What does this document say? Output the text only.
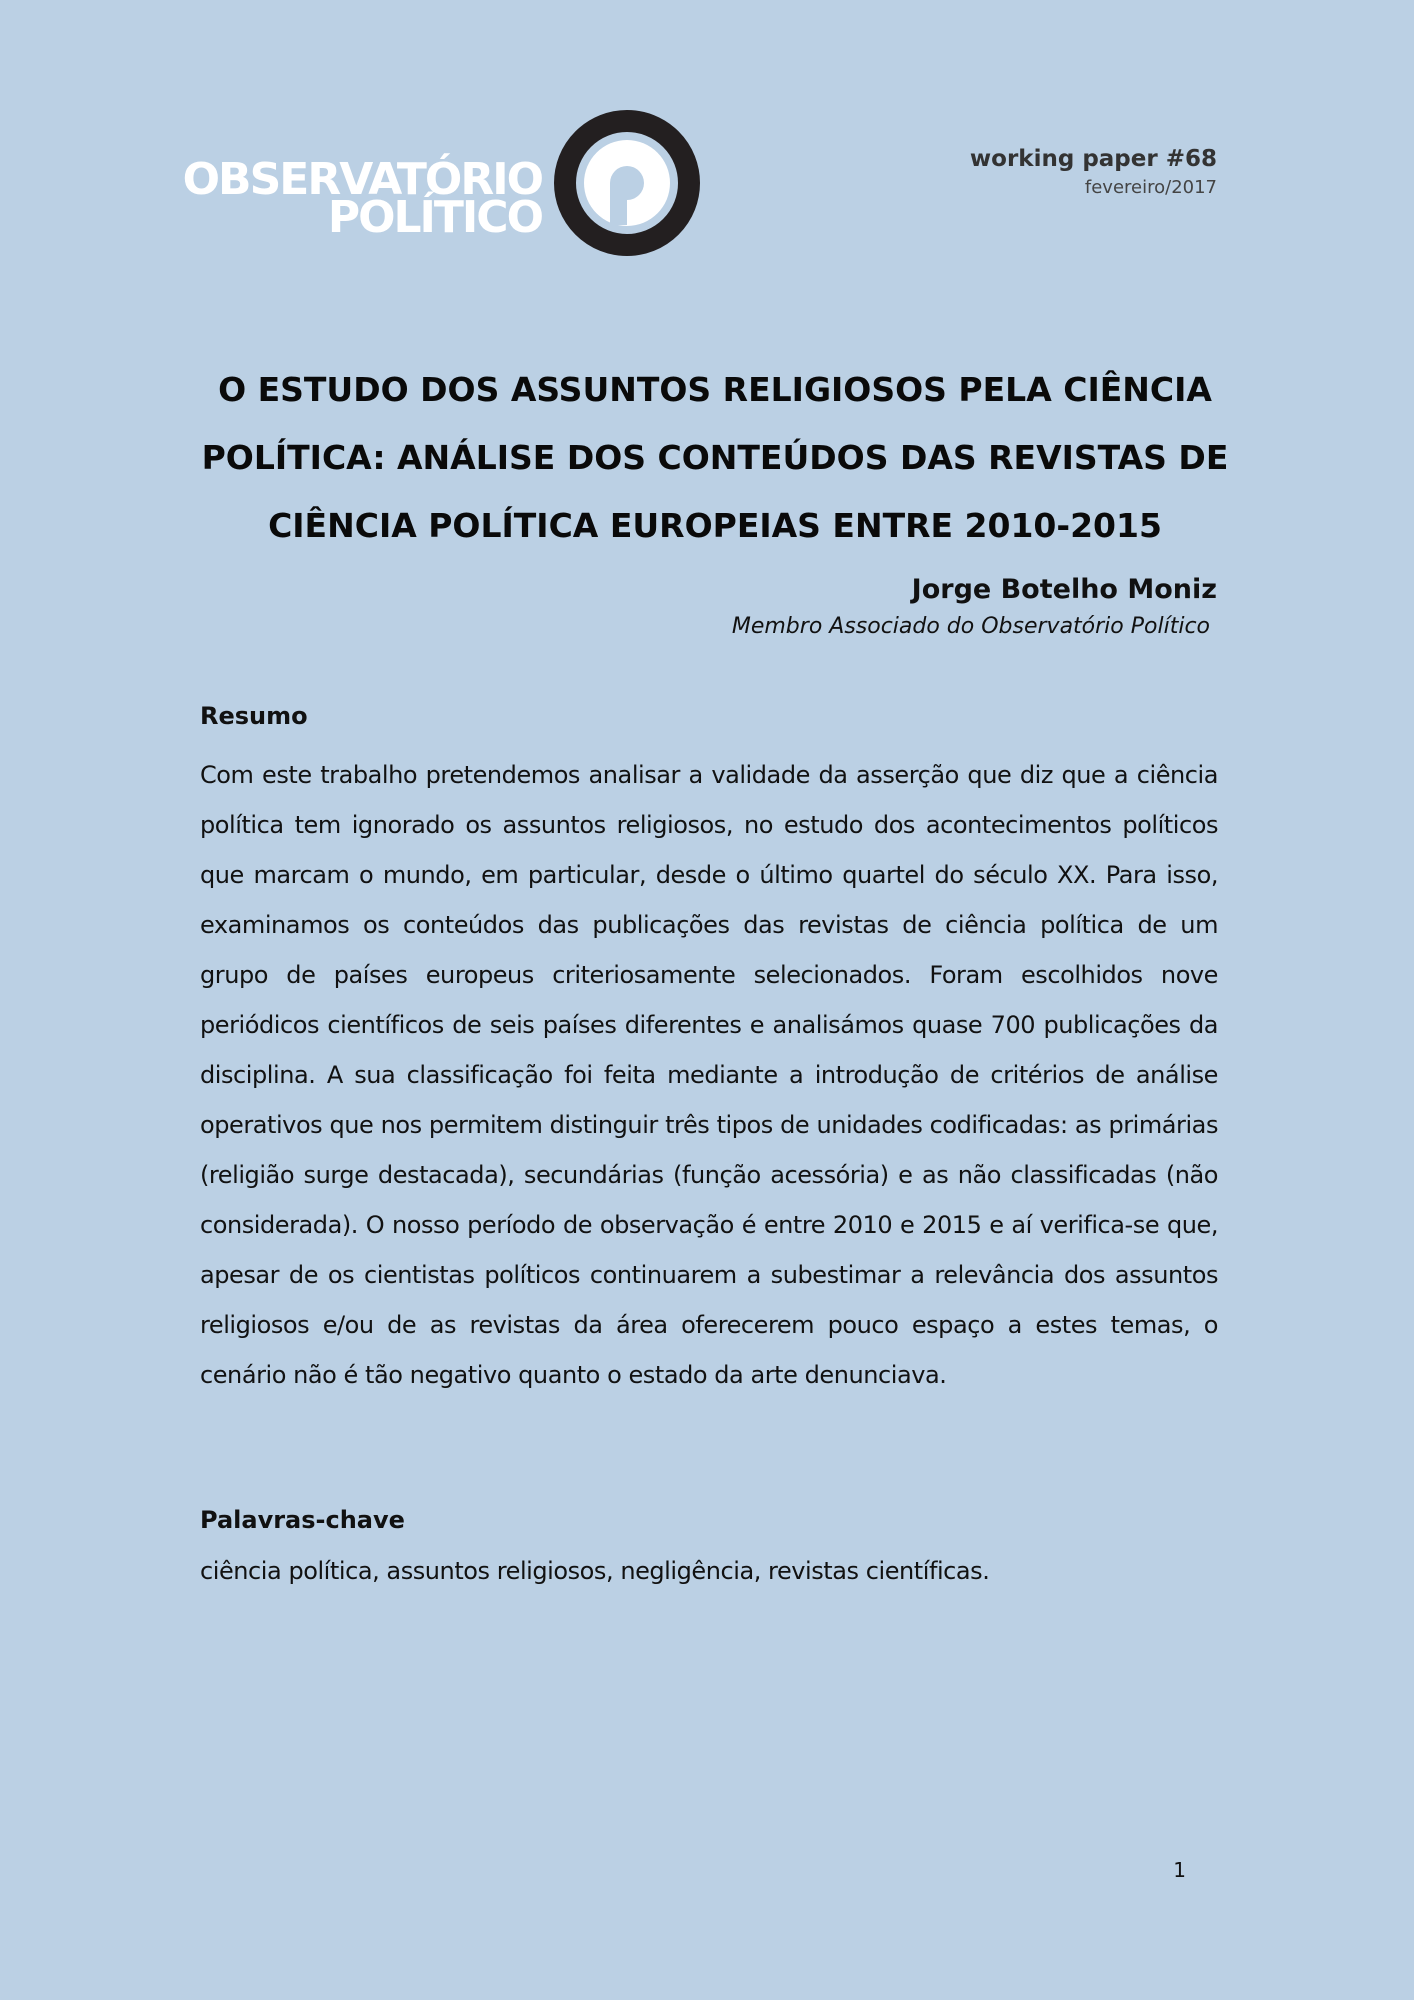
OBSERVATÓRIO
POLÍTICO
working paper #68
fevereiro/2017
O ESTUDO DOS ASSUNTOS RELIGIOSOS PELA CIÊNCIA
POLÍTICA: ANÁLISE DOS CONTEÚDOS DAS REVISTAS DE
CIÊNCIA POLÍTICA EUROPEIAS ENTRE 2010-2015
Jorge Botelho Moniz
Membro Associado do Observatório Político
Resumo

Com este trabalho pretendemos analisar a validade da asserção que diz que a ciência política tem ignorado os assuntos religiosos, no estudo dos acontecimentos políticos que marcam o mundo, em particular, desde o último quartel do século XX. Para isso, examinamos os conteúdos das publicações das revistas de ciência política de um grupo de países europeus criteriosamente selecionados. Foram escolhidos nove periódicos científicos de seis países diferentes e analisámos quase 700 publicações da disciplina. A sua classificação foi feita mediante a introdução de critérios de análise operativos que nos permitem distinguir três tipos de unidades codificadas: as primárias (religião surge destacada), secundárias (função acessória) e as não classificadas (não considerada). O nosso período de observação é entre 2010 e 2015 e aí verifica-se que, apesar de os cientistas políticos continuarem a subestimar a relevância dos assuntos religiosos e/ou de as revistas da área oferecerem pouco espaço a estes temas, o cenário não é tão negativo quanto o estado da arte denunciava.

Palavras-chave

ciência política, assuntos religiosos, negligência, revistas científicas.

1
